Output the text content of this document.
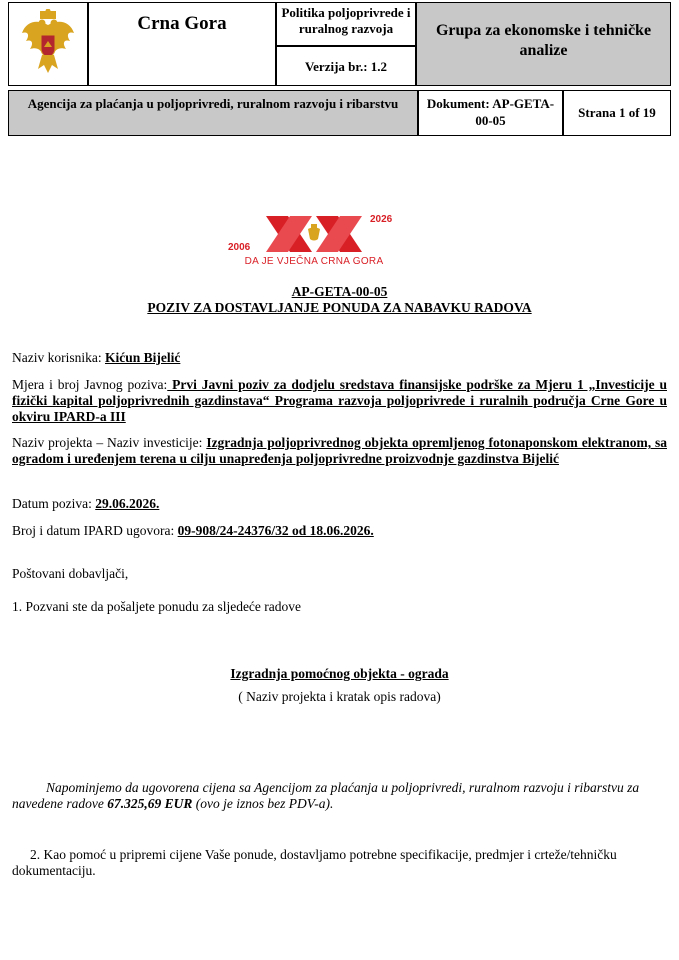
Crna Gora
Politika poljoprivrede i ruralnog razvoja
Verzija br.: 1.2
Grupa za ekonomske i tehničke analize
Agencija za plaćanja u poljoprivredi, ruralnom razvoju i ribarstvu	Dokument: AP-GETA-00-05
Strana 1 of 19
2006
2026
DA JE VJEČNA CRNA GORA
AP-GETA-00-05
POZIV ZA DOSTAVLJANJE PONUDA ZA NABAVKU RADOVA
Naziv korisnika: Kićun Bijelić
Mjera i broj Javnog poziva: Prvi Javni poziv za dodjelu sredstava finansijske podrške za Mjeru 1 „Investicije u fizički kapital poljoprivrednih gazdinstava“ Programa razvoja poljoprivrede i ruralnih područja Crne Gore u okviru IPARD-a III
Naziv projekta – Naziv investicije: Izgradnja poljoprivrednog objekta opremljenog fotonaponskom elektranom, sa ogradom i uređenjem terena u cilju unapređenja poljoprivredne proizvodnje gazdinstva Bijelić
Datum poziva: 29.06.2026.
Broj i datum IPARD ugovora: 09-908/24-24376/32 od 18.06.2026.
Poštovani dobavljači,
1. Pozvani ste da pošaljete ponudu za sljedeće radove
Izgradnja pomoćnog objekta - ograda
( Naziv projekta i kratak opis radova)
Napominjemo da ugovorena cijena sa Agencijom za plaćanja u poljoprivredi, ruralnom razvoju i ribarstvu za navedene radove 67.325,69 EUR (ovo je iznos bez PDV-a).
2. Kao pomoć u pripremi cijene Vaše ponude, dostavljamo potrebne specifikacije, predmjer i crteže/tehničku dokumentaciju.
